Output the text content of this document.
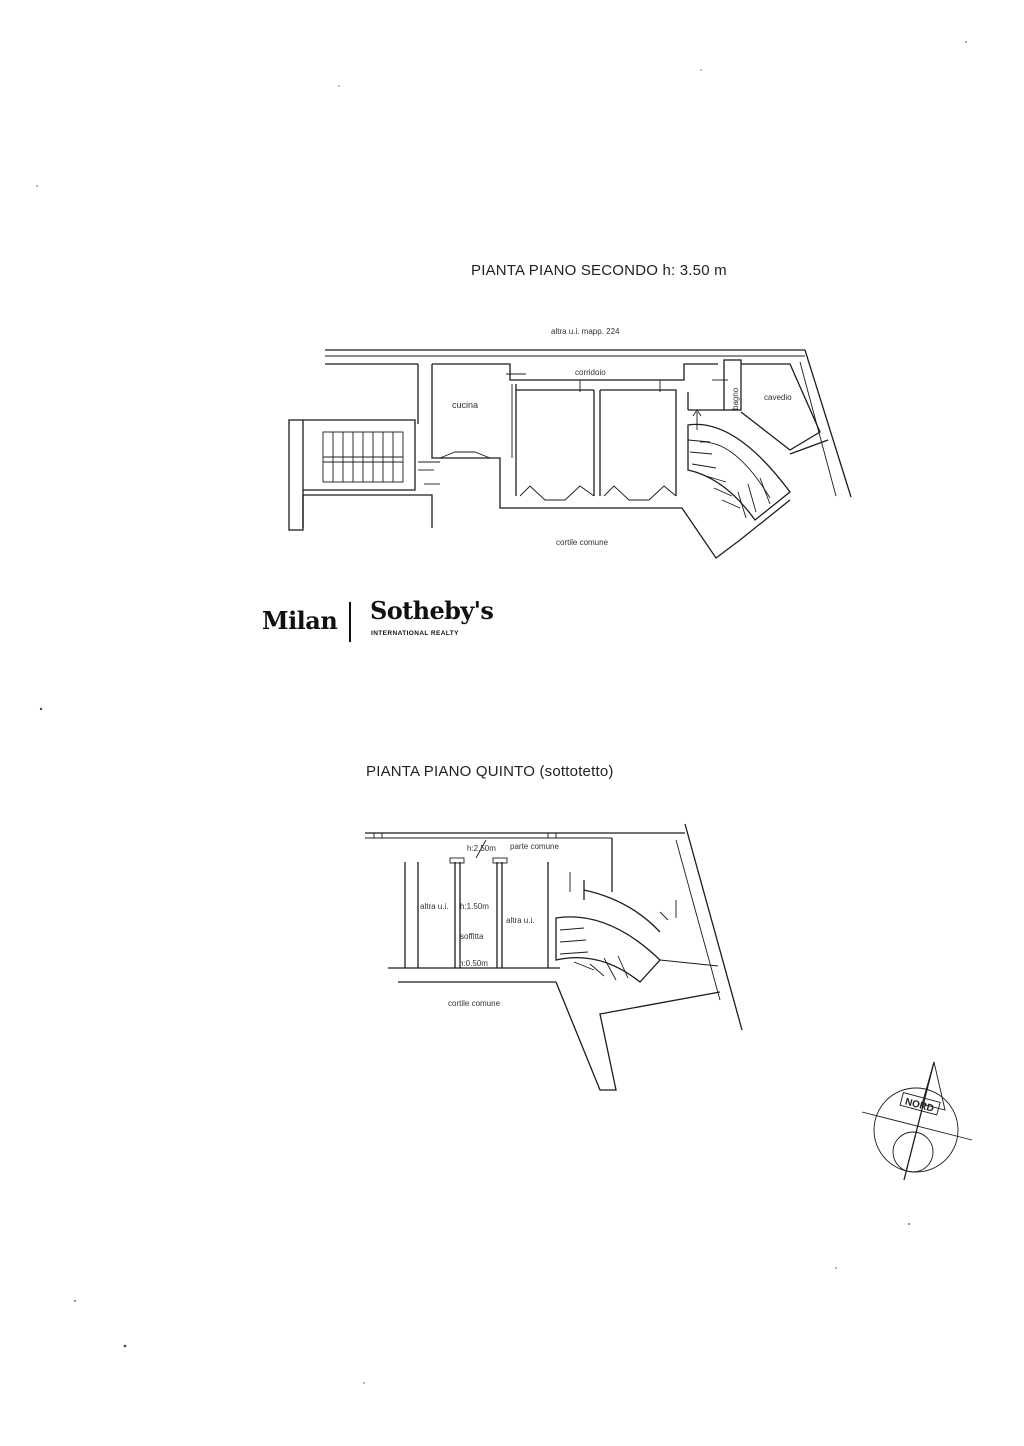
PIANTA PIANO SECONDO h: 3.50 m
altra u.i. mapp. 224
corridoio
cucina	bagno	cavedio
cortile comune
h:2.50m parte comune
altra u.i. h:1.50m
soffitta
h:0.50m
altra u.i.
cortile comune
NORD
Milan Sotheby's
INTERNATIONAL REALTY
PIANTA PIANO QUINTO (sottotetto)
